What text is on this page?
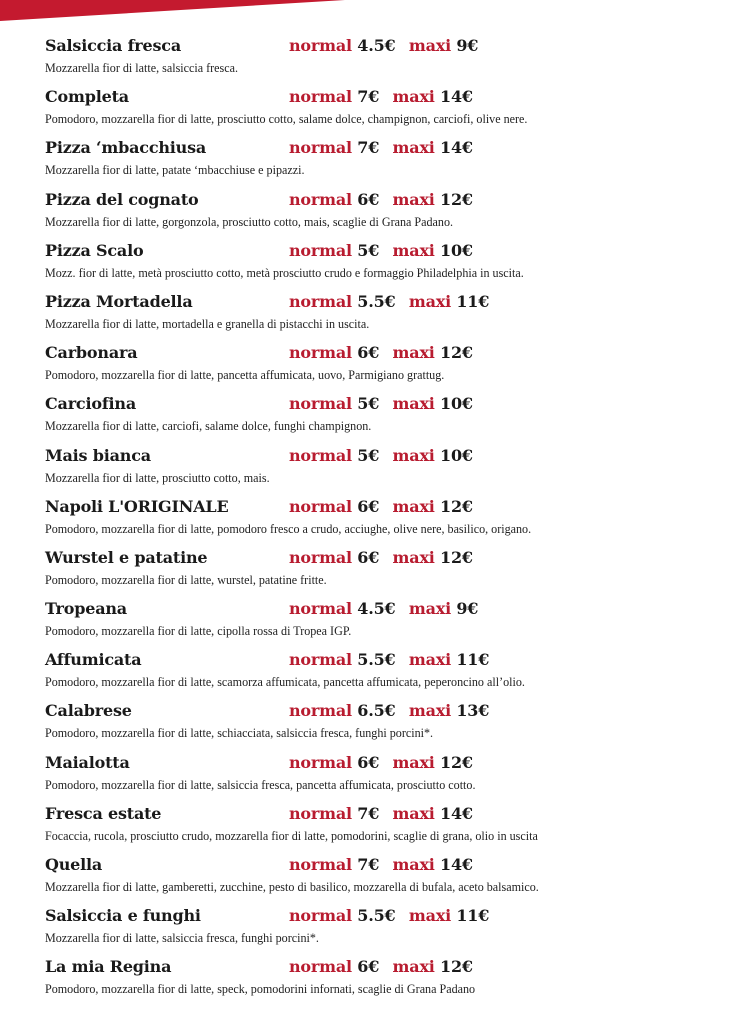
Salsiccia fresca	normal 4.5€ maxi 9€
Mozzarella fior di latte, salsiccia fresca.
Completa	normal 7€ maxi 14€
Pomodoro, mozzarella fior di latte, prosciutto cotto, salame dolce, champignon, carciofi, olive nere.
Pizza ‘mbacchiusa	normal 7€ maxi 14€
Mozzarella fior di latte, patate ‘mbacchiuse e pipazzi.
Pizza del cognato	normal 6€ maxi 12€
Mozzarella fior di latte, gorgonzola, prosciutto cotto, mais, scaglie di Grana Padano.
Pizza Scalo	normal 5€ maxi 10€
Mozz. fior di latte, metà prosciutto cotto, metà prosciutto crudo e formaggio Philadelphia in uscita.
Pizza Mortadella	normal 5.5€ maxi 11€
Mozzarella fior di latte, mortadella e granella di pistacchi in uscita.
Carbonara	normal 6€ maxi 12€
Pomodoro, mozzarella fior di latte, pancetta affumicata, uovo, Parmigiano grattug.
Carciofina	normal 5€ maxi 10€
Mozzarella fior di latte, carciofi, salame dolce, funghi champignon.
Mais bianca	normal 5€ maxi 10€
Mozzarella fior di latte, prosciutto cotto, mais.
Napoli L'ORIGINALE	normal 6€ maxi 12€
Pomodoro, mozzarella fior di latte, pomodoro fresco a crudo, acciughe, olive nere, basilico, origano.
Wurstel e patatine	normal 6€ maxi 12€
Pomodoro, mozzarella fior di latte, wurstel, patatine fritte.
Tropeana	normal 4.5€ maxi 9€
Pomodoro, mozzarella fior di latte, cipolla rossa di Tropea IGP.
Affumicata	normal 5.5€ maxi 11€
Pomodoro, mozzarella fior di latte, scamorza affumicata, pancetta affumicata, peperoncino all’olio.
Calabrese	normal 6.5€ maxi 13€
Pomodoro, mozzarella fior di latte, schiacciata, salsiccia fresca, funghi porcini*.
Maialotta	normal 6€ maxi 12€
Pomodoro, mozzarella fior di latte, salsiccia fresca, pancetta affumicata, prosciutto cotto.
Fresca estate	normal 7€ maxi 14€
Focaccia, rucola, prosciutto crudo, mozzarella fior di latte, pomodorini, scaglie di grana, olio in uscita
Quella	normal 7€ maxi 14€
Mozzarella fior di latte, gamberetti, zucchine, pesto di basilico, mozzarella di bufala, aceto balsamico.
Salsiccia e funghi	normal 5.5€ maxi 11€
Mozzarella fior di latte, salsiccia fresca, funghi porcini*.
La mia Regina	normal 6€ maxi 12€
Pomodoro, mozzarella fior di latte, speck, pomodorini infornati, scaglie di Grana Padano
